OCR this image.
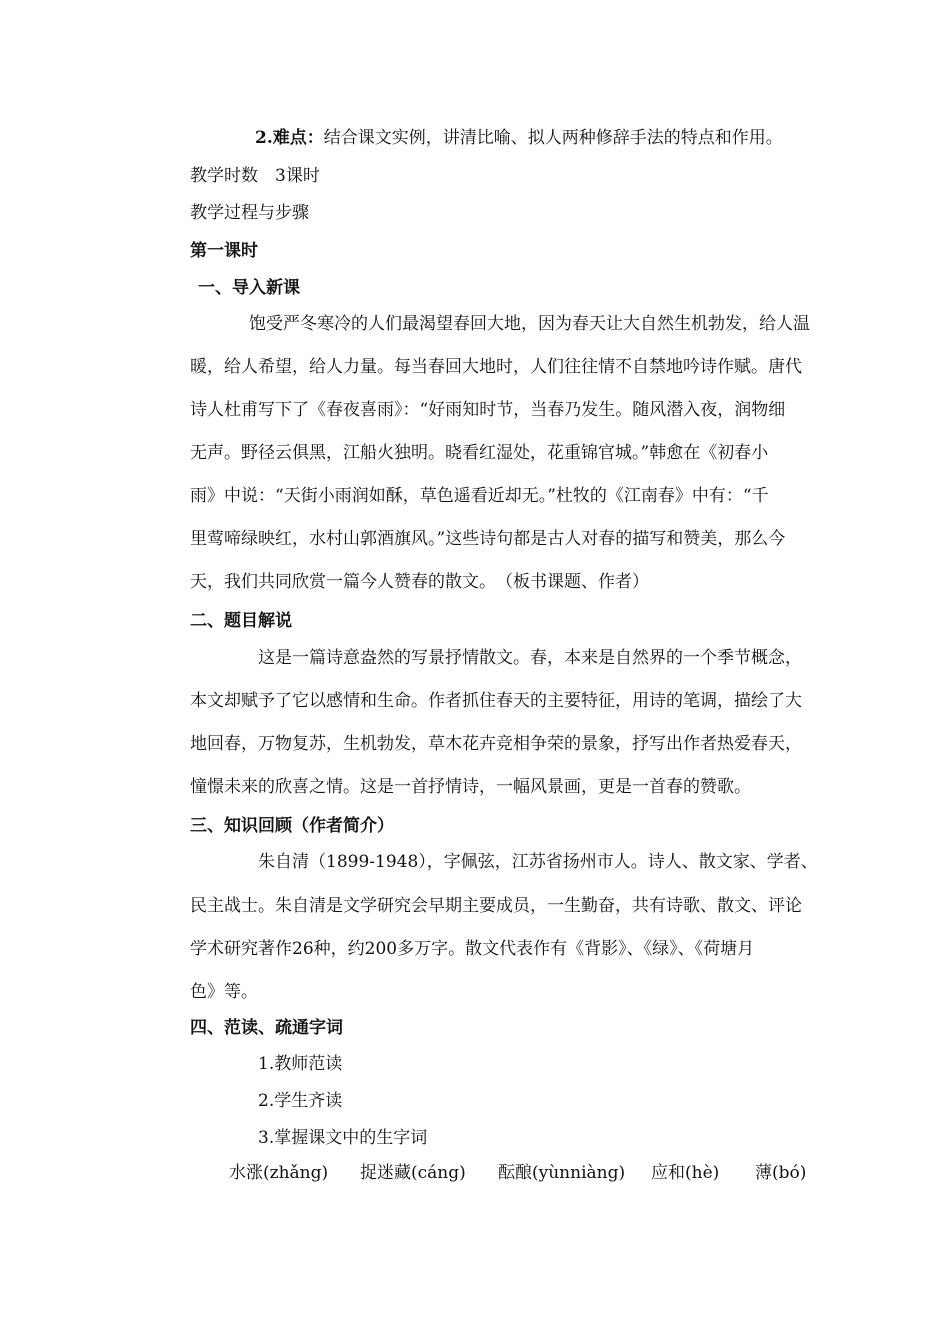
2.难点：结合课文实例，讲清比喻、拟人两种修辞手法的特点和作用。
教学时数　3课时
教学过程与步骤
第一课时
一、导入新课
饱受严冬寒冷的人们最渴望春回大地，因为春天让大自然生机勃发，给人温
暖，给人希望，给人力量。每当春回大地时，人们往往情不自禁地吟诗作赋。唐代
诗人杜甫写下了《春夜喜雨》：“好雨知时节，当春乃发生。随风潜入夜，润物细
无声。野径云俱黑，江船火独明。晓看红湿处，花重锦官城。”韩愈在《初春小
雨》中说：“天街小雨润如酥，草色遥看近却无。”杜牧的《江南春》中有：“千
里莺啼绿映红，水村山郭酒旗风。”这些诗句都是古人对春的描写和赞美，那么今
天，我们共同欣赏一篇今人赞春的散文。　（板书课题、作者）
二、题目解说
这是一篇诗意盎然的写景抒情散文。春，本来是自然界的一个季节概念，
本文却赋予了它以感情和生命。作者抓住春天的主要特征，用诗的笔调，描绘了大
地回春，万物复苏，生机勃发，草木花卉竞相争荣的景象，抒写出作者热爱春天，
憧憬未来的欣喜之情。这是一首抒情诗，一幅风景画，更是一首春的赞歌。
三、知识回顾（作者简介）
朱自清（1899-1948），字佩弦，江苏省扬州市人。诗人、散文家、学者、
民主战士。朱自清是文学研究会早期主要成员，一生勤奋，共有诗歌、散文、评论
学术研究著作26种，约200多万字。散文代表作有《背影》、《绿》、《荷塘月
色》等。
四、范读、疏通字词
1.教师范读
2.学生齐读
3.掌握课文中的生字词
水涨(zhǎng) 捉迷藏(cáng) 酝酿(yùnniàng) 应和(hè) 薄(bó)
